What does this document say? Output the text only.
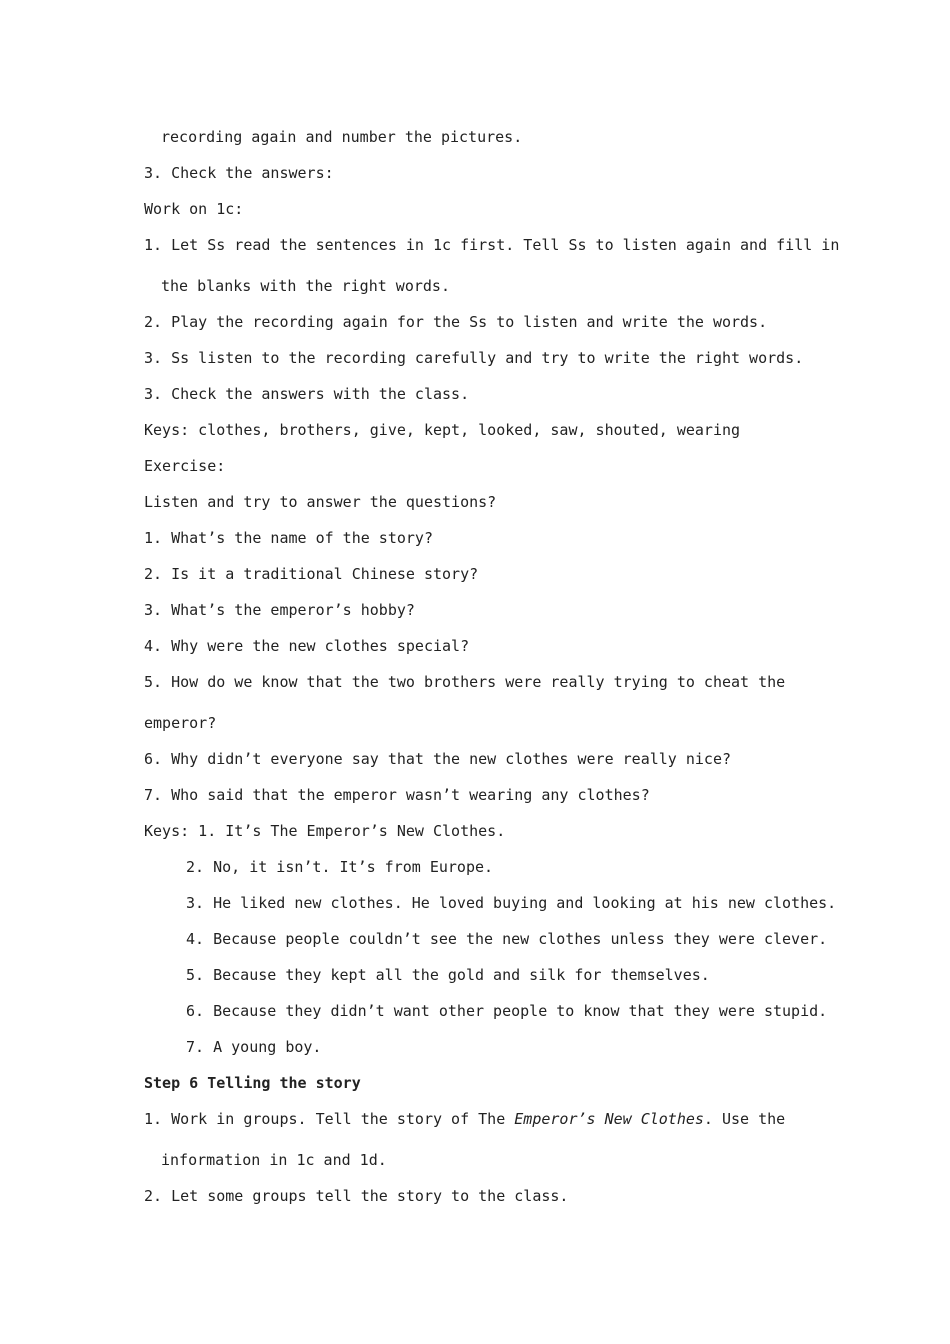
recording again and number the pictures.
3. Check the answers:
Work on 1c:
1. Let Ss read the sentences in 1c first. Tell Ss to listen again and fill in
the blanks with the right words.
2. Play the recording again for the Ss to listen and write the words.
3. Ss listen to the recording carefully and try to write the right words.
3. Check the answers with the class.
Keys: clothes, brothers, give, kept, looked, saw, shouted, wearing
Exercise:
Listen and try to answer the questions?
1. What’s the name of the story?
2. Is it a traditional Chinese story?
3. What’s the emperor’s hobby?
4. Why were the new clothes special?
5. How do we know that the two brothers were really trying to cheat the
emperor?
6. Why didn’t everyone say that the new clothes were really nice?
7. Who said that the emperor wasn’t wearing any clothes?
Keys: 1. It’s The Emperor’s New Clothes.
2. No, it isn’t. It’s from Europe.
3. He liked new clothes. He loved buying and looking at his new clothes.
4. Because people couldn’t see the new clothes unless they were clever.
5. Because they kept all the gold and silk for themselves.
6. Because they didn’t want other people to know that they were stupid.
7. A young boy.
Step 6 Telling the story
1. Work in groups. Tell the story of The Emperor’s New Clothes. Use the
information in 1c and 1d.
2. Let some groups tell the story to the class.
